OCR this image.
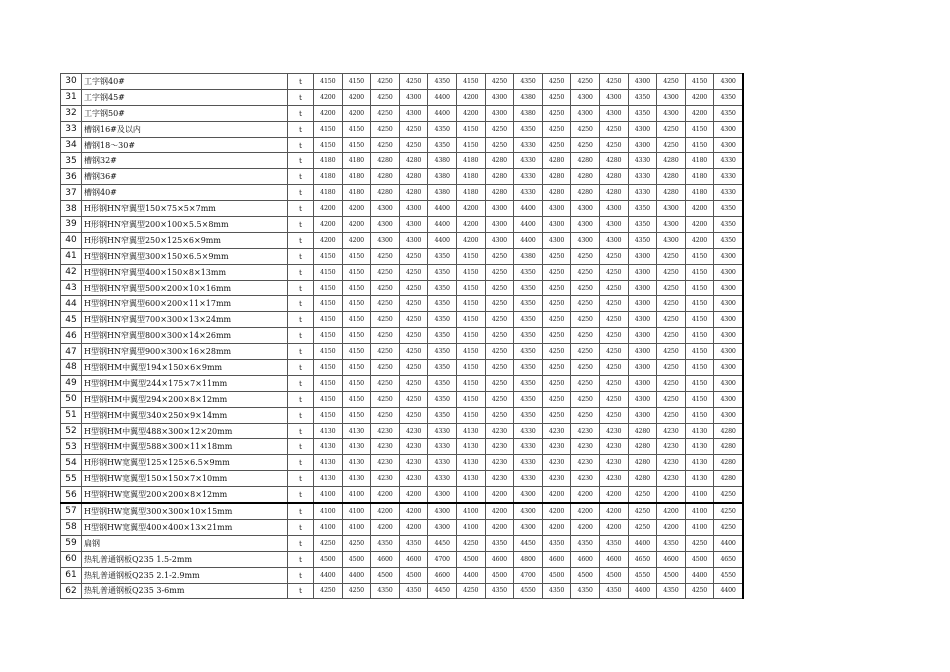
30	工字钢40#	t	4150	4150	4250	4250	4350	4150	4250	4350	4250	4250	4250	4300	4250	4150	4300
31	工字钢45#	t	4200	4200	4250	4300	4400	4200	4300	4380	4250	4300	4300	4350	4300	4200	4350
32	工字钢50#	t	4200	4200	4250	4300	4400	4200	4300	4380	4250	4300	4300	4350	4300	4200	4350
33	槽钢16#及以内	t	4150	4150	4250	4250	4350	4150	4250	4350	4250	4250	4250	4300	4250	4150	4300
34	槽钢18～30#	t	4150	4150	4250	4250	4350	4150	4250	4330	4250	4250	4250	4300	4250	4150	4300
35	槽钢32#	t	4180	4180	4280	4280	4380	4180	4280	4330	4280	4280	4280	4330	4280	4180	4330
36	槽钢36#	t	4180	4180	4280	4280	4380	4180	4280	4330	4280	4280	4280	4330	4280	4180	4330
37	槽钢40#	t	4180	4180	4280	4280	4380	4180	4280	4330	4280	4280	4280	4330	4280	4180	4330
38	H形钢HN窄翼型150×75×5×7mm	t	4200	4200	4300	4300	4400	4200	4300	4400	4300	4300	4300	4350	4300	4200	4350
39	H形钢HN窄翼型200×100×5.5×8mm	t	4200	4200	4300	4300	4400	4200	4300	4400	4300	4300	4300	4350	4300	4200	4350
40	H形钢HN窄翼型250×125×6×9mm	t	4200	4200	4300	4300	4400	4200	4300	4400	4300	4300	4300	4350	4300	4200	4350
41	H型钢HN窄翼型300×150×6.5×9mm	t	4150	4150	4250	4250	4350	4150	4250	4380	4250	4250	4250	4300	4250	4150	4300
42	H型钢HN窄翼型400×150×8×13mm	t	4150	4150	4250	4250	4350	4150	4250	4350	4250	4250	4250	4300	4250	4150	4300
43	H型钢HN窄翼型500×200×10×16mm	t	4150	4150	4250	4250	4350	4150	4250	4350	4250	4250	4250	4300	4250	4150	4300
44	H型钢HN窄翼型600×200×11×17mm	t	4150	4150	4250	4250	4350	4150	4250	4350	4250	4250	4250	4300	4250	4150	4300
45	H型钢HN窄翼型700×300×13×24mm	t	4150	4150	4250	4250	4350	4150	4250	4350	4250	4250	4250	4300	4250	4150	4300
46	H型钢HN窄翼型800×300×14×26mm	t	4150	4150	4250	4250	4350	4150	4250	4350	4250	4250	4250	4300	4250	4150	4300
47	H型钢HN窄翼型900×300×16×28mm	t	4150	4150	4250	4250	4350	4150	4250	4350	4250	4250	4250	4300	4250	4150	4300
48	H型钢HM中翼型194×150×6×9mm	t	4150	4150	4250	4250	4350	4150	4250	4350	4250	4250	4250	4300	4250	4150	4300
49	H型钢HM中翼型244×175×7×11mm	t	4150	4150	4250	4250	4350	4150	4250	4350	4250	4250	4250	4300	4250	4150	4300
50	H型钢HM中翼型294×200×8×12mm	t	4150	4150	4250	4250	4350	4150	4250	4350	4250	4250	4250	4300	4250	4150	4300
51	H型钢HM中翼型340×250×9×14mm	t	4150	4150	4250	4250	4350	4150	4250	4350	4250	4250	4250	4300	4250	4150	4300
52	H型钢HM中翼型488×300×12×20mm	t	4130	4130	4230	4230	4330	4130	4230	4330	4230	4230	4230	4280	4230	4130	4280
53	H型钢HM中翼型588×300×11×18mm	t	4130	4130	4230	4230	4330	4130	4230	4330	4230	4230	4230	4280	4230	4130	4280
54	H形钢HW宽翼型125×125×6.5×9mm	t	4130	4130	4230	4230	4330	4130	4230	4330	4230	4230	4230	4280	4230	4130	4280
55	H型钢HW宽翼型150×150×7×10mm	t	4130	4130	4230	4230	4330	4130	4230	4330	4230	4230	4230	4280	4230	4130	4280
56	H型钢HW宽翼型200×200×8×12mm	t	4100	4100	4200	4200	4300	4100	4200	4300	4200	4200	4200	4250	4200	4100	4250
57	H型钢HW宽翼型300×300×10×15mm	t	4100	4100	4200	4200	4300	4100	4200	4300	4200	4200	4200	4250	4200	4100	4250
58	H型钢HW宽翼型400×400×13×21mm	t	4100	4100	4200	4200	4300	4100	4200	4300	4200	4200	4200	4250	4200	4100	4250
59	扁钢	t	4250	4250	4350	4350	4450	4250	4350	4450	4350	4350	4350	4400	4350	4250	4400
60	热轧普通钢板Q235 1.5-2mm	t	4500	4500	4600	4600	4700	4500	4600	4800	4600	4600	4600	4650	4600	4500	4650
61	热轧普通钢板Q235 2.1-2.9mm	t	4400	4400	4500	4500	4600	4400	4500	4700	4500	4500	4500	4550	4500	4400	4550
62	热轧普通钢板Q235 3-6mm	t	4250	4250	4350	4350	4450	4250	4350	4550	4350	4350	4350	4400	4350	4250	4400
